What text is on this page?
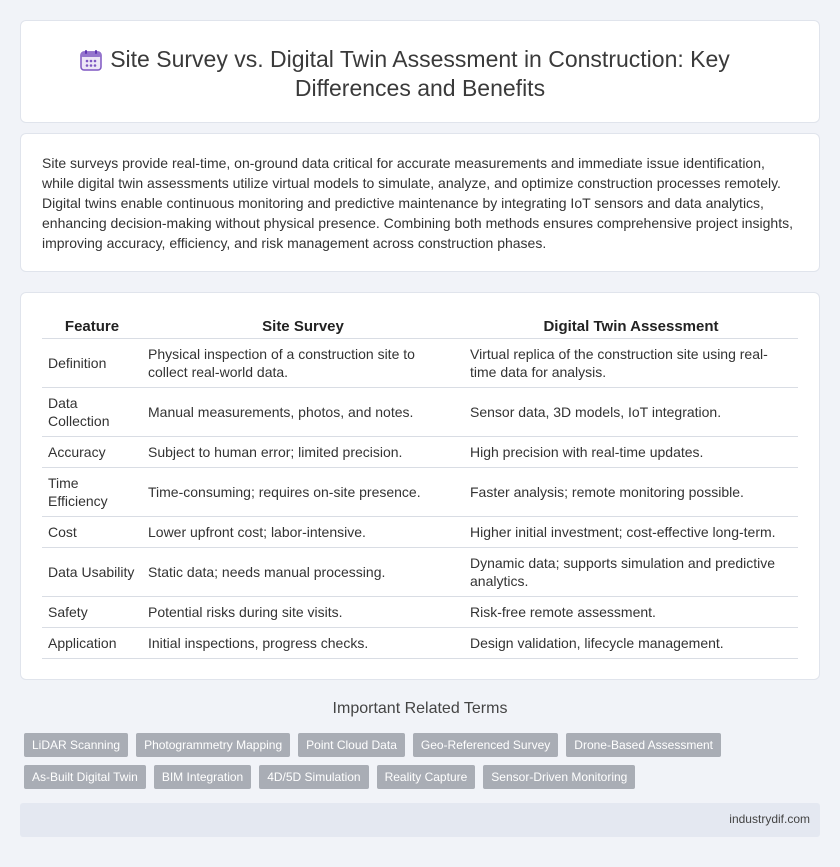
Site Survey vs. Digital Twin Assessment in Construction: Key Differences and Benefits

Site surveys provide real-time, on-ground data critical for accurate measurements and immediate issue identification, while digital twin assessments utilize virtual models to simulate, analyze, and optimize construction processes remotely. Digital twins enable continuous monitoring and predictive maintenance by integrating IoT sensors and data analytics, enhancing decision-making without physical presence. Combining both methods ensures comprehensive project insights, improving accuracy, efficiency, and risk management across construction phases.

Feature	Site Survey	Digital Twin Assessment
Definition	Physical inspection of a construction site to collect real-world data.	Virtual replica of the construction site using real-time data for analysis.
Data Collection	Manual measurements, photos, and notes.	Sensor data, 3D models, IoT integration.
Accuracy	Subject to human error; limited precision.	High precision with real-time updates.
Time Efficiency	Time-consuming; requires on-site presence.	Faster analysis; remote monitoring possible.
Cost	Lower upfront cost; labor-intensive.	Higher initial investment; cost-effective long-term.
Data Usability	Static data; needs manual processing.	Dynamic data; supports simulation and predictive analytics.
Safety	Potential risks during site visits.	Risk-free remote assessment.
Application	Initial inspections, progress checks.	Design validation, lifecycle management.
Important Related Terms
LiDAR Scanning	Photogrammetry Mapping	Point Cloud Data	Geo-Referenced Survey	Drone-Based Assessment
As-Built Digital Twin	BIM Integration	4D/5D Simulation	Reality Capture	Sensor-Driven Monitoring
industrydif.com
